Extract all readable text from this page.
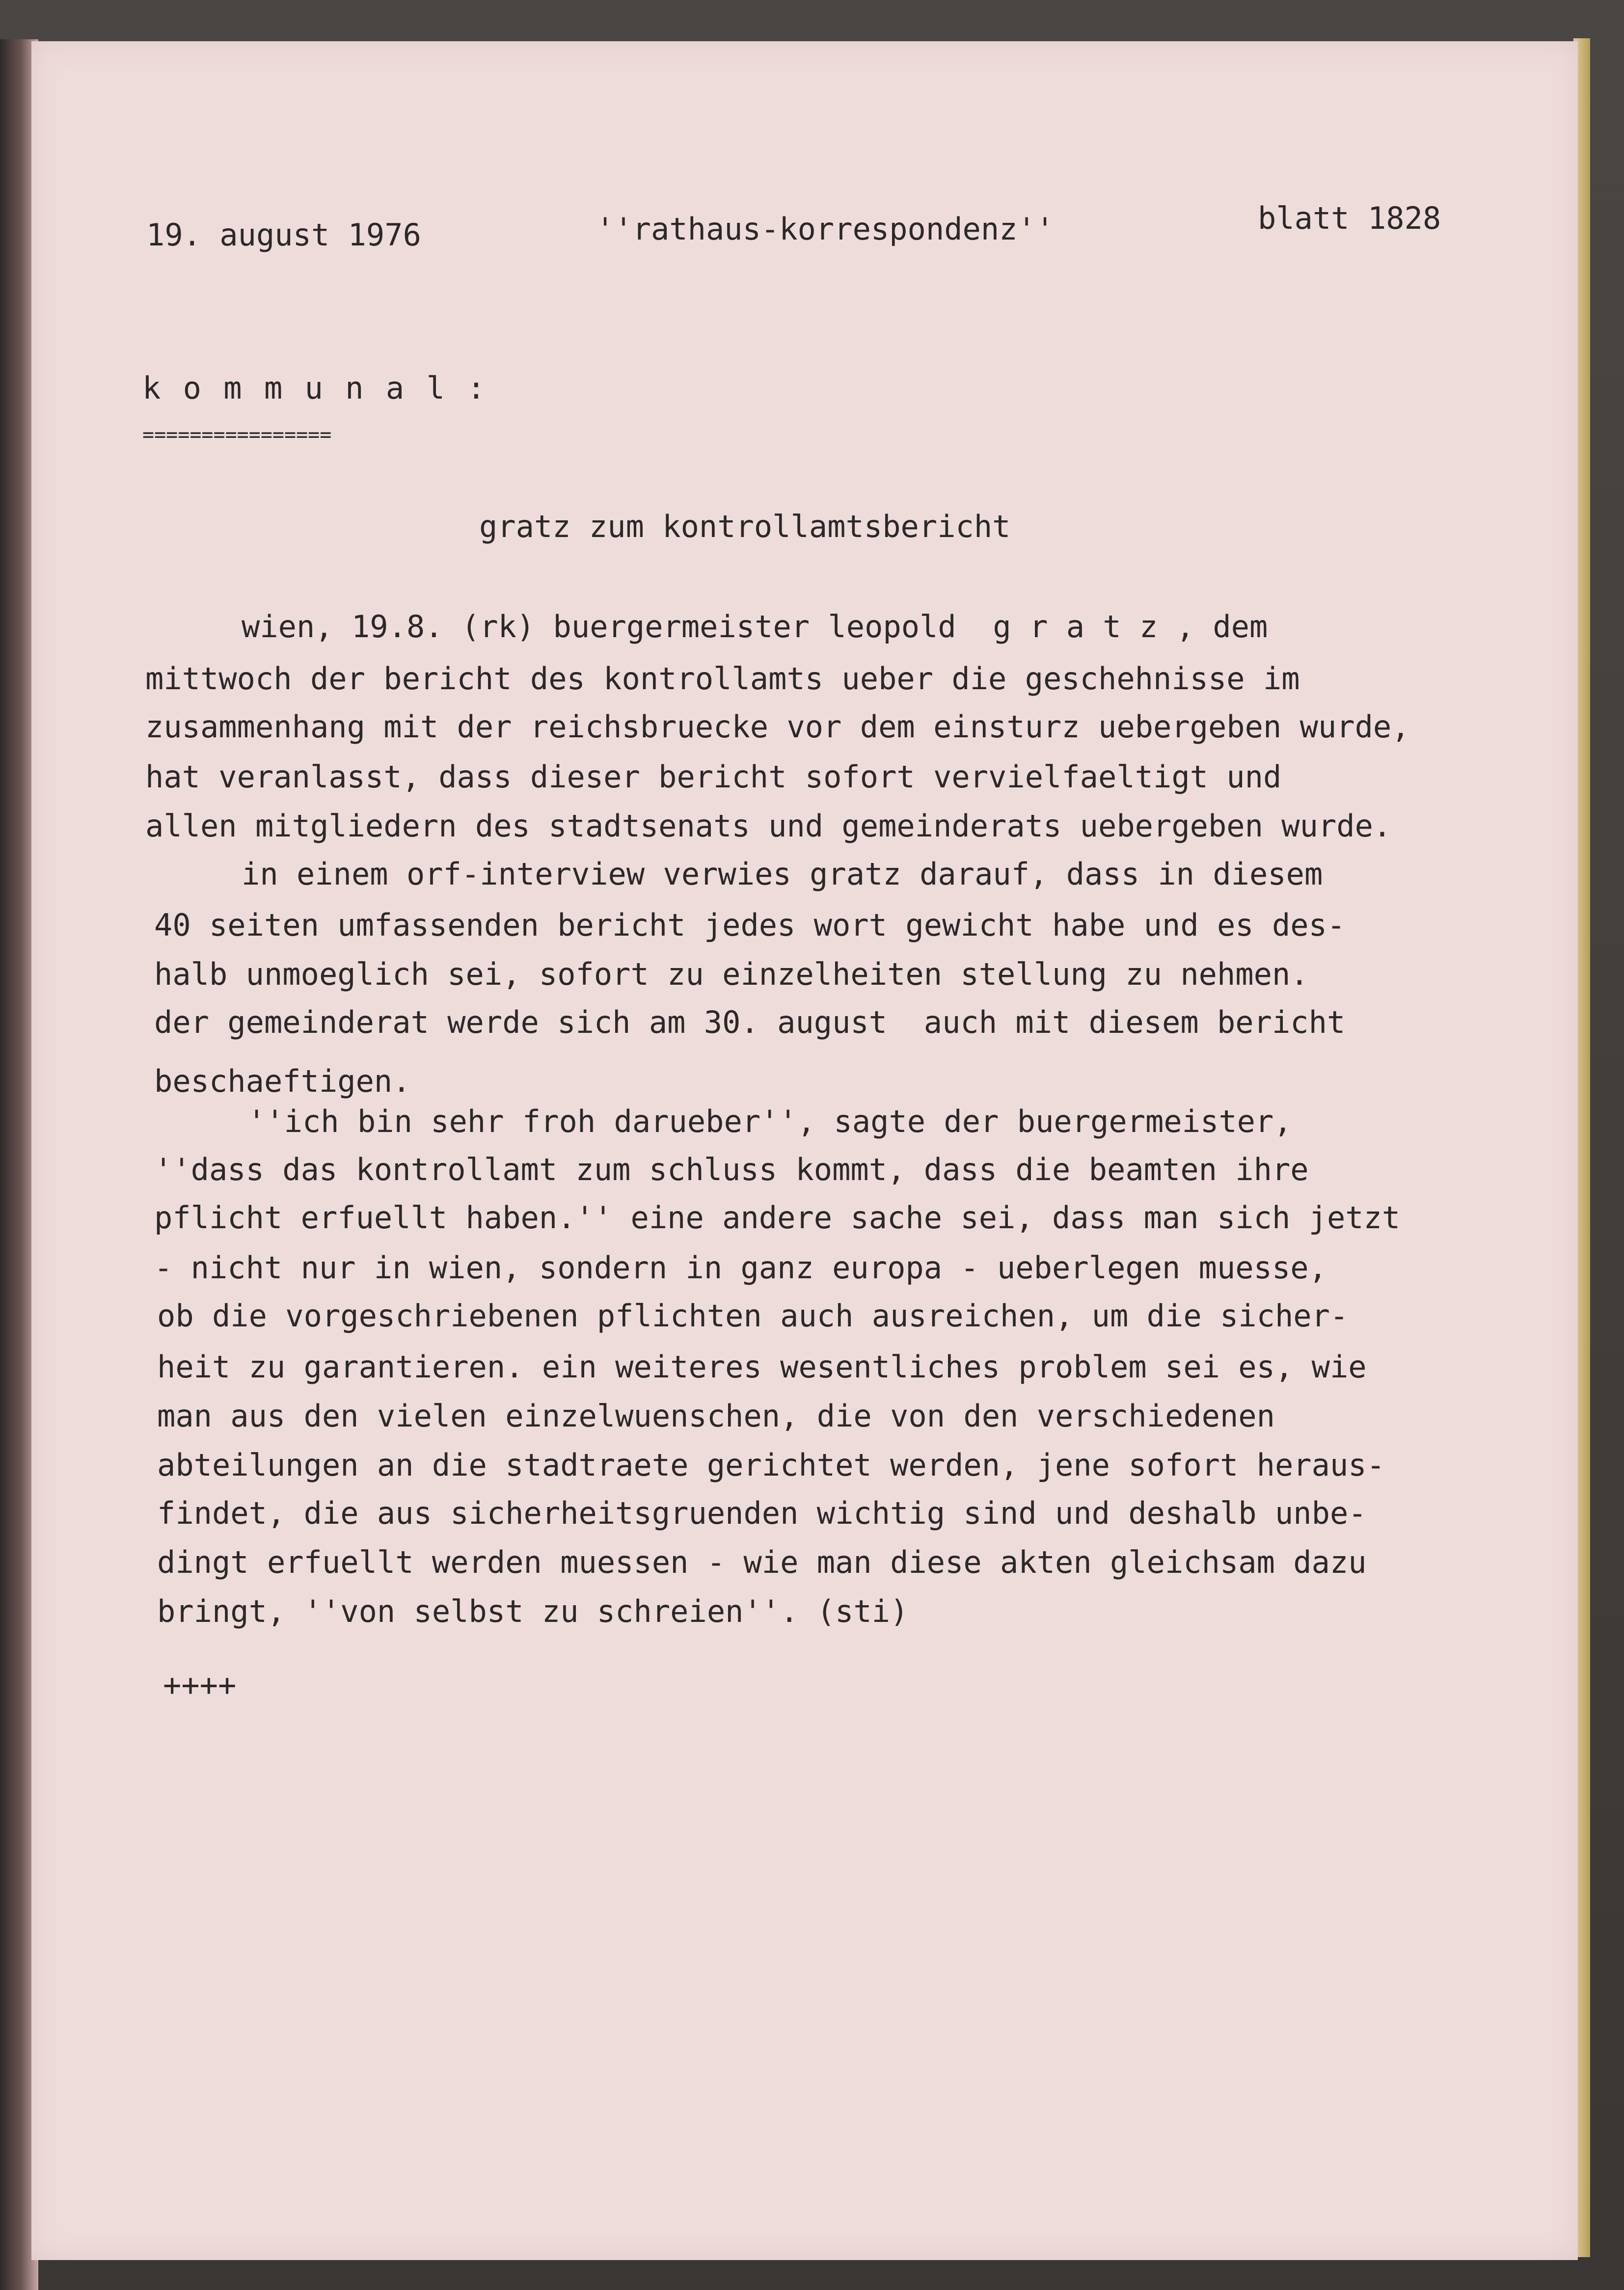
19. august 1976	''rathaus-korrespondenz''	blatt 1828
k o m m u n a l :
================
gratz zum kontrollamtsbericht
wien, 19.8. (rk) buergermeister leopold  g r a t z , dem
mittwoch der bericht des kontrollamts ueber die geschehnisse im
zusammenhang mit der reichsbruecke vor dem einsturz uebergeben wurde,
hat veranlasst, dass dieser bericht sofort vervielfaeltigt und
allen mitgliedern des stadtsenats und gemeinderats uebergeben wurde.
in einem orf-interview verwies gratz darauf, dass in diesem
40 seiten umfassenden bericht jedes wort gewicht habe und es des-
halb unmoeglich sei, sofort zu einzelheiten stellung zu nehmen.
der gemeinderat werde sich am 30. august  auch mit diesem bericht
beschaeftigen.
''ich bin sehr froh darueber'', sagte der buergermeister,
''dass das kontrollamt zum schluss kommt, dass die beamten ihre
pflicht erfuellt haben.'' eine andere sache sei, dass man sich jetzt
- nicht nur in wien, sondern in ganz europa - ueberlegen muesse,
ob die vorgeschriebenen pflichten auch ausreichen, um die sicher-
heit zu garantieren. ein weiteres wesentliches problem sei es, wie
man aus den vielen einzelwuenschen, die von den verschiedenen
abteilungen an die stadtraete gerichtet werden, jene sofort heraus-
findet, die aus sicherheitsgruenden wichtig sind und deshalb unbe-
dingt erfuellt werden muessen - wie man diese akten gleichsam dazu
bringt, ''von selbst zu schreien''. (sti)
++++
